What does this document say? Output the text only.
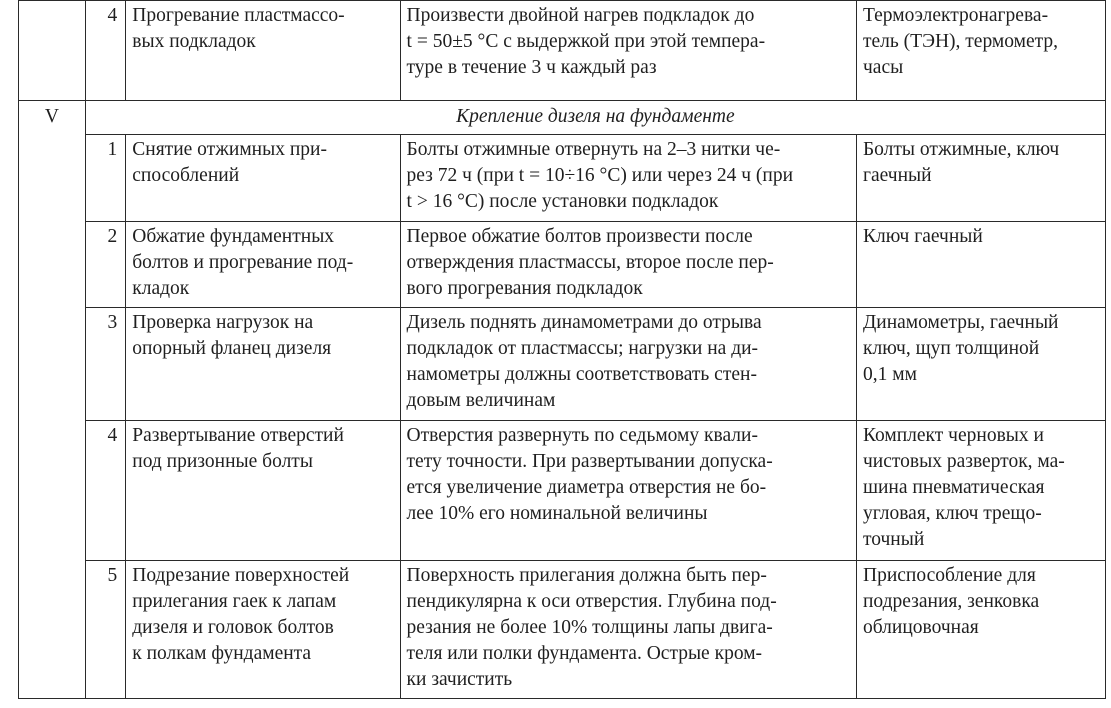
	4	Прогревание пластмассо-
вых подкладок	Произвести двойной нагрев подкладок до
t = 50±5 °С с выдержкой при этой темпера-
туре в течение 3 ч каждый раз	Термоэлектронагрева-
тель (ТЭН), термометр,
часы
V	Крепление дизеля на фундаменте			
	1	Снятие отжимных при-
способлений	Болты отжимные отвернуть на 2–3 нитки че-
рез 72 ч (при t = 10÷16 °С) или через 24 ч (при
t > 16 °С) после установки подкладок	Болты отжимные, ключ
гаечный
	2	Обжатие фундаментных
болтов и прогревание под-
кладок	Первое обжатие болтов произвести после
отверждения пластмассы, второе после пер-
вого прогревания подкладок	Ключ гаечный
	3	Проверка нагрузок на
опорный фланец дизеля	Дизель поднять динамометрами до отрыва
подкладок от пластмассы; нагрузки на ди-
намометры должны соответствовать стен-
довым величинам	Динамометры, гаечный
ключ, щуп толщиной
0,1 мм
	4	Развертывание отверстий
под призонные болты	Отверстия развернуть по седьмому квали-
тету точности. При развертывании допуска-
ется увеличение диаметра отверстия не бо-
лее 10% его номинальной величины	Комплект черновых и
чистовых разверток, ма-
шина пневматическая
угловая, ключ трещо-
точный
	5	Подрезание поверхностей
прилегания гаек к лапам
дизеля и головок болтов
к полкам фундамента	Поверхность прилегания должна быть пер-
пендикулярна к оси отверстия. Глубина под-
резания не более 10% толщины лапы двига-
теля или полки фундамента. Острые кром-
ки зачистить	Приспособление для
подрезания, зенковка
облицовочная
